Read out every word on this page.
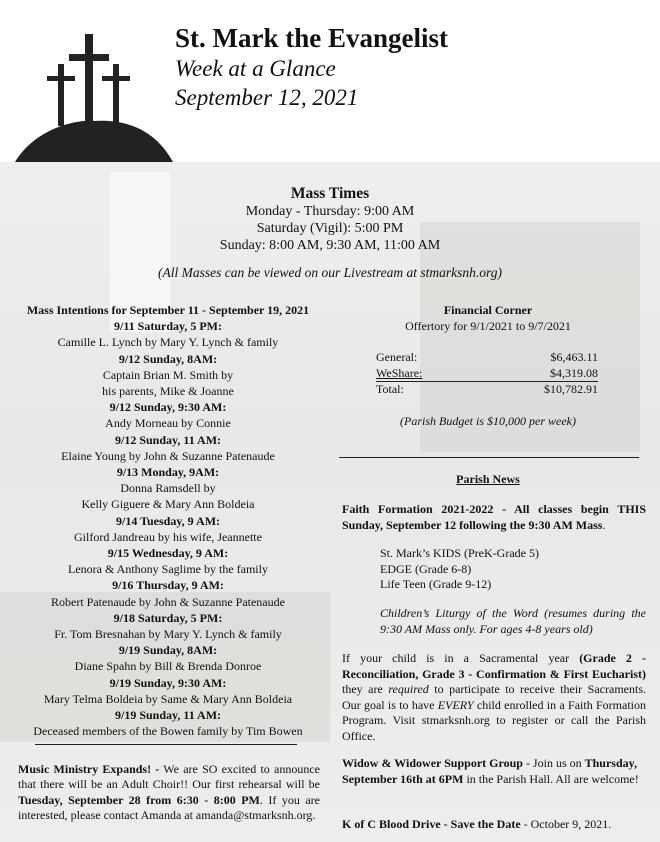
St. Mark the Evangelist
Week at a Glance
September 12, 2021
Mass Times
Monday - Thursday: 9:00 AM
Saturday (Vigil): 5:00 PM
Sunday: 8:00 AM, 9:30 AM, 11:00 AM
(All Masses can be viewed on our Livestream at stmarksnh.org)
Mass Intentions for September 11 - September 19, 2021
9/11 Saturday, 5 PM:
Camille L. Lynch by Mary Y. Lynch & family
9/12 Sunday, 8AM:
Captain Brian M. Smith by
his parents, Mike & Joanne
9/12 Sunday, 9:30 AM:
Andy Morneau by Connie
9/12 Sunday, 11 AM:
Elaine Young by John & Suzanne Patenaude
9/13 Monday, 9AM:
Donna Ramsdell by
Kelly Giguere & Mary Ann Boldeia
9/14 Tuesday, 9 AM:
Gilford Jandreau by his wife, Jeannette
9/15 Wednesday, 9 AM:
Lenora & Anthony Saglime by the family
9/16 Thursday, 9 AM:
Robert Patenaude by John & Suzanne Patenaude
9/18 Saturday, 5 PM:
Fr. Tom Bresnahan by Mary Y. Lynch & family
9/19 Sunday, 8AM:
Diane Spahn by Bill & Brenda Donroe
9/19 Sunday, 9:30 AM:
Mary Telma Boldeia by Same & Mary Ann Boldeia
9/19 Sunday, 11 AM:
Deceased members of the Bowen family by Tim Bowen
Music Ministry Expands! - We are SO excited to announce that there will be an Adult Choir!! Our first rehearsal will be Tuesday, September 28 from 6:30 - 8:00 PM. If you are interested, please contact Amanda at amanda@stmarksnh.org.
Financial Corner
Offertory for 9/1/2021 to 9/7/2021
General:	$6,463.11
WeShare:	$4,319.08
Total:	$10,782.91
(Parish Budget is $10,000 per week)
Parish News
Faith Formation 2021-2022 - All classes begin THIS Sunday, September 12 following the 9:30 AM Mass.
St. Mark’s KIDS (PreK-Grade 5)
EDGE (Grade 6-8)
Life Teen (Grade 9-12)
Children’s Liturgy of the Word (resumes during the 9:30 AM Mass only. For ages 4-8 years old)
If your child is in a Sacramental year (Grade 2 - Reconciliation, Grade 3 - Confirmation & First Eucharist) they are required to participate to receive their Sacraments. Our goal is to have EVERY child enrolled in a Faith Formation Program. Visit stmarksnh.org to register or call the Parish Office.
Widow & Widower Support Group - Join us on Thursday, September 16th at 6PM in the Parish Hall. All are welcome!
K of C Blood Drive - Save the Date - October 9, 2021.
